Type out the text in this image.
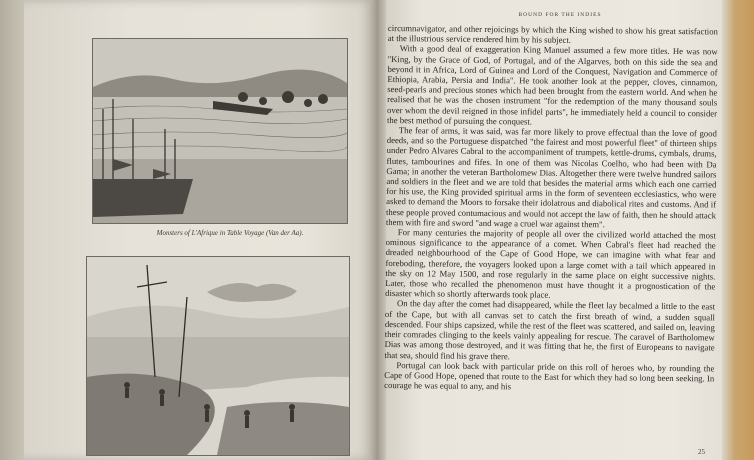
Monsters of L'Afrique in Table Voyage (Van der Aa).
BOUND FOR THE INDIES

circumnavigator, and other rejoicings by which the King wished to show his great satisfaction at the illustrious service rendered him by his subject.

With a good deal of exaggeration King Manuel assumed a few more titles. He was now "King, by the Grace of God, of Portugal, and of the Algarves, both on this side the sea and beyond it in Africa, Lord of Guinea and Lord of the Conquest, Navigation and Commerce of Ethiopia, Arabia, Persia and India". He took another look at the pepper, cloves, cinnamon, seed-pearls and precious stones which had been brought from the eastern world. And when he realised that he was the chosen instrument "for the redemption of the many thousand souls over whom the devil reigned in those infidel parts", he immediately held a council to consider the best method of pursuing the conquest.

The fear of arms, it was said, was far more likely to prove effectual than the love of good deeds, and so the Portuguese dispatched "the fairest and most powerful fleet" of thirteen ships under Pedro Alvares Cabral to the accompaniment of trumpets, kettle-drums, cymbals, drums, flutes, tambourines and fifes. In one of them was Nicolas Coelho, who had been with Da Gama; in another the veteran Bartholomew Dias. Altogether there were twelve hundred sailors and soldiers in the fleet and we are told that besides the material arms which each one carried for his use, the King provided spiritual arms in the form of seventeen ecclesiastics, who were asked to demand the Moors to forsake their idolatrous and diabolical rites and customs. And if these people proved contumacious and would not accept the law of faith, then he should attack them with fire and sword "and wage a cruel war against them".

For many centuries the majority of people all over the civilized world attached the most ominous significance to the appearance of a comet. When Cabral's fleet had reached the dreaded neighbourhood of the Cape of Good Hope, we can imagine with what fear and foreboding, therefore, the voyagers looked upon a large comet with a tail which appeared in the sky on 12 May 1500, and rose regularly in the same place on eight successive nights. Later, those who recalled the phenomenon must have thought it a prognostication of the disaster which so shortly afterwards took place.

On the day after the comet had disappeared, while the fleet lay becalmed a little to the east of the Cape, but with all canvas set to catch the first breath of wind, a sudden squall descended. Four ships capsized, while the rest of the fleet was scattered, and sailed on, leaving their comrades clinging to the keels vainly appealing for rescue. The caravel of Bartholomew Dias was among those destroyed, and it was fitting that he, the first of Europeans to navigate that sea, should find his grave there.

Portugal can look back with particular pride on this roll of heroes who, by rounding the Cape of Good Hope, opened that route to the East for which they had so long been seeking. In courage he was equal to any, and his

25
